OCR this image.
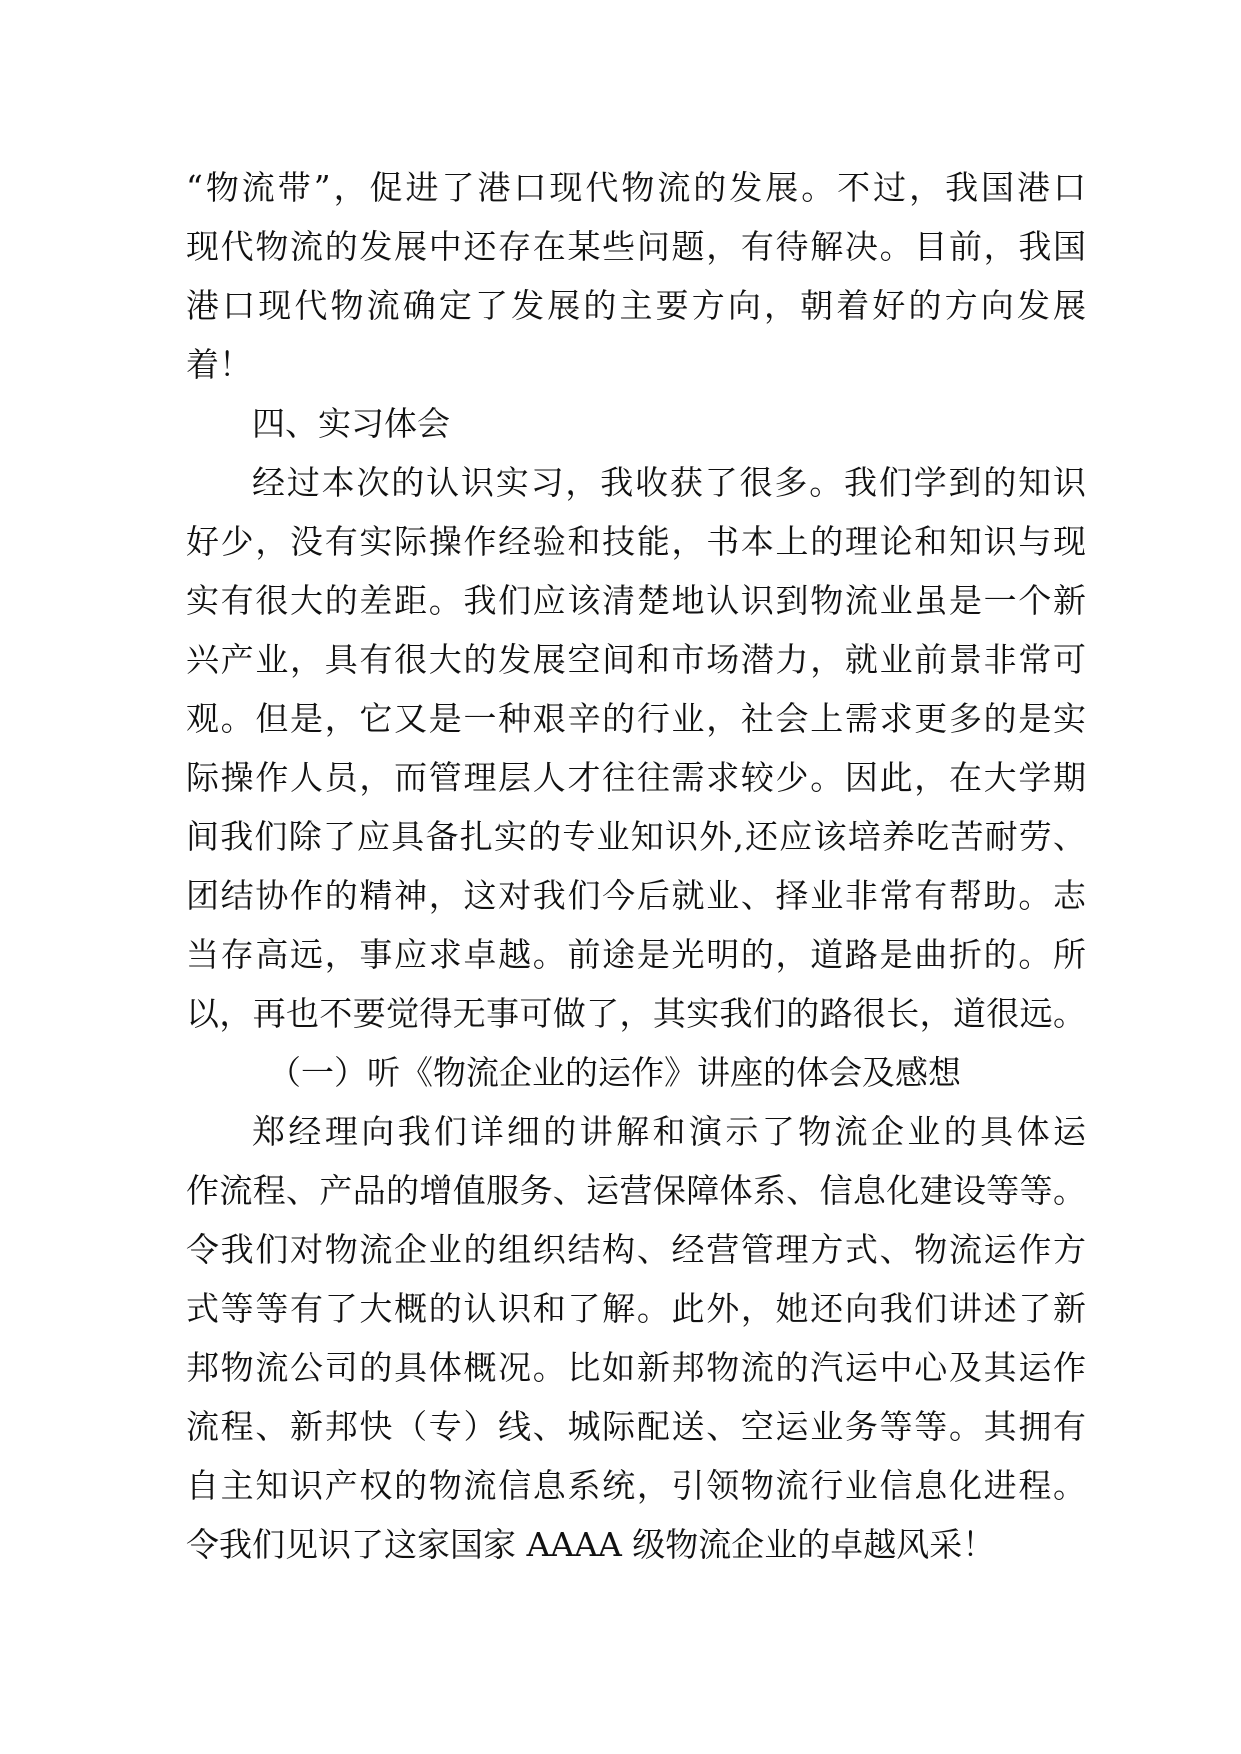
“物流带”，促进了港口现代物流的发展。不过，我国港口
现代物流的发展中还存在某些问题，有待解决。目前，我国
港口现代物流确定了发展的主要方向，朝着好的方向发展
着！
四、实习体会
经过本次的认识实习，我收获了很多。我们学到的知识
好少，没有实际操作经验和技能，书本上的理论和知识与现
实有很大的差距。我们应该清楚地认识到物流业虽是一个新
兴产业，具有很大的发展空间和市场潜力，就业前景非常可
观。但是，它又是一种艰辛的行业，社会上需求更多的是实
际操作人员，而管理层人才往往需求较少。因此，在大学期
间我们除了应具备扎实的专业知识外,还应该培养吃苦耐劳、
团结协作的精神，这对我们今后就业、择业非常有帮助。志
当存高远，事应求卓越。前途是光明的，道路是曲折的。所
以，再也不要觉得无事可做了，其实我们的路很长，道很远。
（一）听《物流企业的运作》讲座的体会及感想
郑经理向我们详细的讲解和演示了物流企业的具体运
作流程、产品的增值服务、运营保障体系、信息化建设等等。
令我们对物流企业的组织结构、经营管理方式、物流运作方
式等等有了大概的认识和了解。此外，她还向我们讲述了新
邦物流公司的具体概况。比如新邦物流的汽运中心及其运作
流程、新邦快（专）线、城际配送、空运业务等等。其拥有
自主知识产权的物流信息系统，引领物流行业信息化进程。
令我们见识了这家国家 AAAA 级物流企业的卓越风采！
